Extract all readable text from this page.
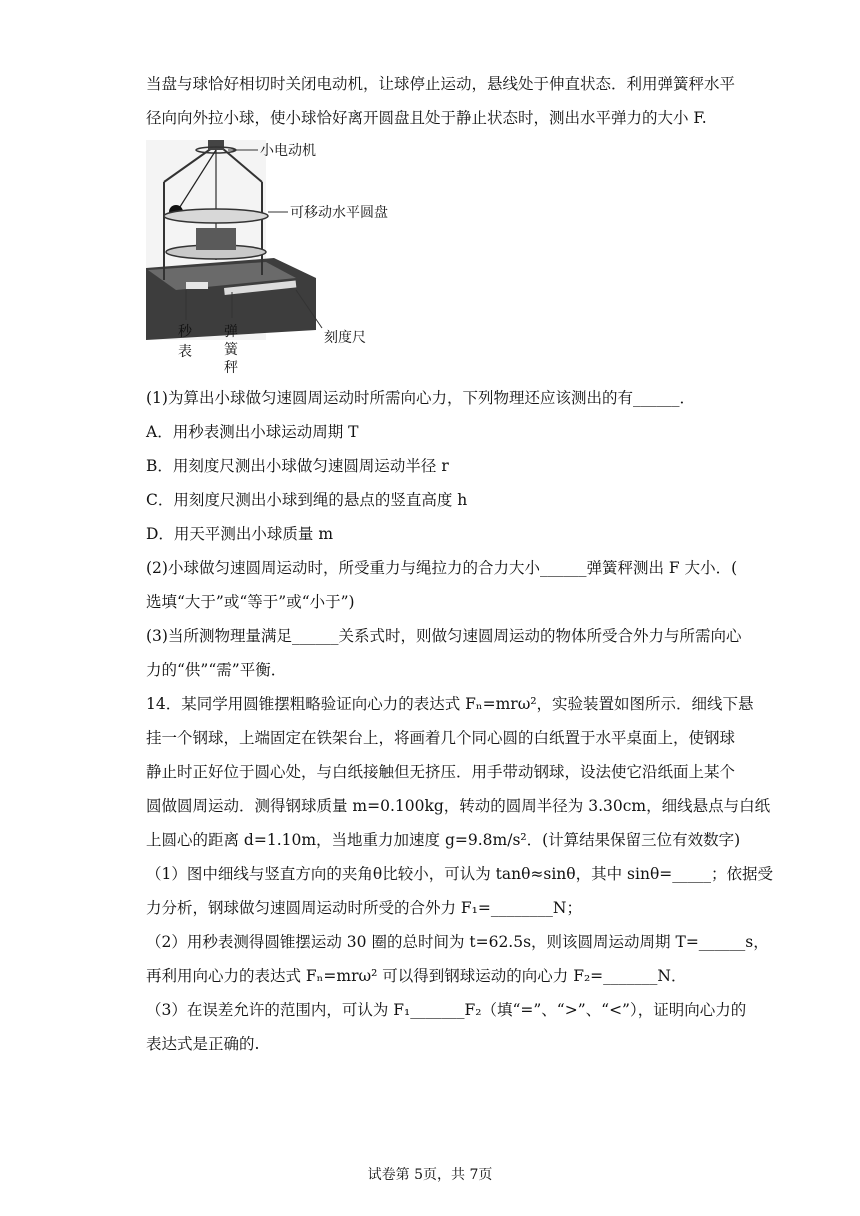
当盘与球恰好相切时关闭电动机，让球停止运动，悬线处于伸直状态．利用弹簧秤水平
径向向外拉小球，使小球恰好离开圆盘且处于静止状态时，测出水平弹力的大小 F.
小电动机
可移动水平圆盘
刻度尺
秒
表
弹
簧
秤
(1)为算出小球做匀速圆周运动时所需向心力，下列物理还应该测出的有______．
A．用秒表测出小球运动周期 T
B．用刻度尺测出小球做匀速圆周运动半径 r
C．用刻度尺测出小球到绳的悬点的竖直高度 h
D．用天平测出小球质量 m
(2)小球做匀速圆周运动时，所受重力与绳拉力的合力大小______弹簧秤测出 F 大小．(
选填“大于”或“等于”或“小于”)
(3)当所测物理量满足______关系式时，则做匀速圆周运动的物体所受合外力与所需向心
力的“供”“需”平衡．
14．某同学用圆锥摆粗略验证向心力的表达式 Fₙ=mrω²，实验装置如图所示．细线下悬
挂一个钢球，上端固定在铁架台上，将画着几个同心圆的白纸置于水平桌面上，使钢球
静止时正好位于圆心处，与白纸接触但无挤压．用手带动钢球，设法使它沿纸面上某个
圆做圆周运动．测得钢球质量 m=0.100kg，转动的圆周半径为 3.30cm，细线悬点与白纸
上圆心的距离 d=1.10m，当地重力加速度 g=9.8m/s²．(计算结果保留三位有效数字)
（1）图中细线与竖直方向的夹角θ比较小，可认为 tanθ≈sinθ，其中 sinθ=_____；依据受
力分析，钢球做匀速圆周运动时所受的合外力 F₁=________N；
（2）用秒表测得圆锥摆运动 30 圈的总时间为 t=62.5s，则该圆周运动周期 T=______s，
再利用向心力的表达式 Fₙ=mrω² 可以得到钢球运动的向心力 F₂=_______N．
（3）在误差允许的范围内，可认为 F₁_______F₂（填“=”、“>”、“<”），证明向心力的
表达式是正确的.
试卷第 5页，共 7页
